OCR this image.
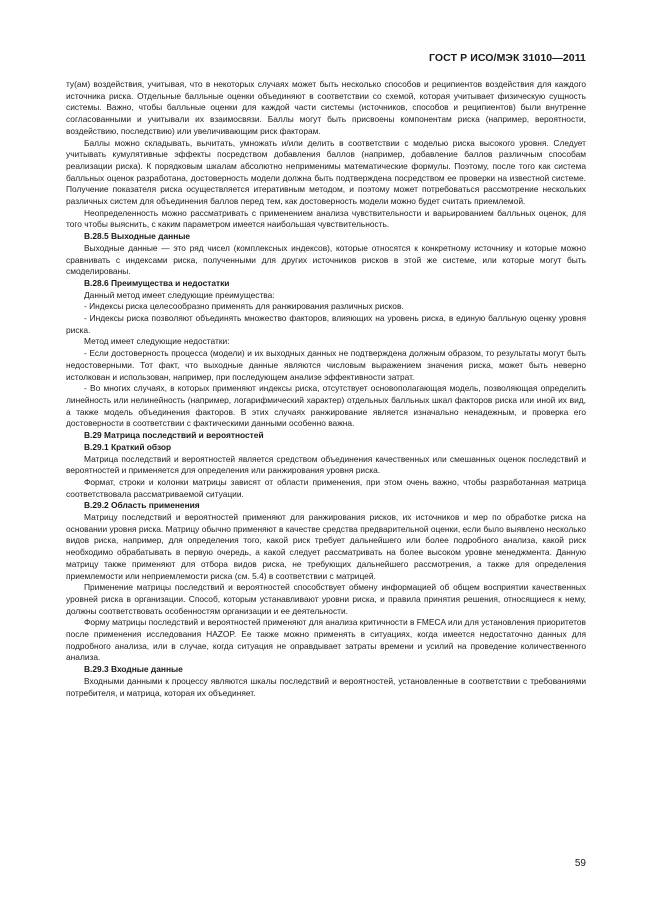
ГОСТ Р ИСО/МЭК 31010—2011

ту(ам) воздействия, учитывая, что в некоторых случаях может быть несколько способов и реципиентов воздействия для каждого источника риска. Отдельные балльные оценки объединяют в соответствии со схемой, которая учитывает физическую сущность системы. Важно, чтобы балльные оценки для каждой части системы (источников, способов и реципиентов) были внутренне согласованными и учитывали их взаимосвязи. Баллы могут быть присвоены компонентам риска (например, вероятности, воздействию, последствию) или увеличивающим риск факторам.

Баллы можно складывать, вычитать, умножать и/или делить в соответствии с моделью риска высокого уровня. Следует учитывать кумулятивные эффекты посредством добавления баллов (например, добавление баллов различным способам реализации риска). К порядковым шкалам абсолютно неприменимы математические формулы. Поэтому, после того как система балльных оценок разработана, достоверность модели должна быть подтверждена посредством ее проверки на известной системе. Получение показателя риска осуществляется итеративным методом, и поэтому может потребоваться рассмотрение нескольких различных систем для объединения баллов перед тем, как достоверность модели можно будет считать приемлемой.

Неопределенность можно рассматривать с применением анализа чувствительности и варьированием балльных оценок, для того чтобы выяснить, с каким параметром имеется наибольшая чувствительность.

В.28.5 Выходные данные

Выходные данные — это ряд чисел (комплексных индексов), которые относятся к конкретному источнику и которые можно сравнивать с индексами риска, полученными для других источников рисков в этой же системе, или которые могут быть смоделированы.

В.28.6 Преимущества и недостатки

Данный метод имеет следующие преимущества:

- Индексы риска целесообразно применять для ранжирования различных рисков.

- Индексы риска позволяют объединять множество факторов, влияющих на уровень риска, в единую балльную оценку уровня риска.

Метод имеет следующие недостатки:

- Если достоверность процесса (модели) и их выходных данных не подтверждена должным образом, то результаты могут быть недостоверными. Тот факт, что выходные данные являются числовым выражением значения риска, может быть неверно истолкован и использован, например, при последующем анализе эффективности затрат.

- Во многих случаях, в которых применяют индексы риска, отсутствует основополагающая модель, позволяющая определить линейность или нелинейность (например, логарифмический характер) отдельных балльных шкал факторов риска или иной их вид, а также модель объединения факторов. В этих случаях ранжирование является изначально ненадежным, и проверка его достоверности в соответствии с фактическими данными особенно важна.

В.29 Матрица последствий и вероятностей
В.29.1 Краткий обзор

Матрица последствий и вероятностей является средством объединения качественных или смешанных оценок последствий и вероятностей и применяется для определения или ранжирования уровня риска.

Формат, строки и колонки матрицы зависят от области применения, при этом очень важно, чтобы разработанная матрица соответствовала рассматриваемой ситуации.

В.29.2 Область применения

Матрицу последствий и вероятностей применяют для ранжирования рисков, их источников и мер по обработке риска на основании уровня риска. Матрицу обычно применяют в качестве средства предварительной оценки, если было выявлено несколько видов риска, например, для определения того, какой риск требует дальнейшего или более подробного анализа, какой риск необходимо обрабатывать в первую очередь, а какой следует рассматривать на более высоком уровне менеджмента. Данную матрицу также применяют для отбора видов риска, не требующих дальнейшего рассмотрения, а также для определения приемлемости или неприемлемости риска (см. 5.4) в соответствии с матрицей.

Применение матрицы последствий и вероятностей способствует обмену информацией об общем восприятии качественных уровней риска в организации. Способ, которым устанавливают уровни риска, и правила принятия решения, относящиеся к нему, должны соответствовать особенностям организации и ее деятельности.

Форму матрицы последствий и вероятностей применяют для анализа критичности в FMECA или для установления приоритетов после применения исследования HAZOP. Ее также можно применять в ситуациях, когда имеется недостаточно данных для подробного анализа, или в случае, когда ситуация не оправдывает затраты времени и усилий на проведение количественного анализа.

В.29.3 Входные данные

Входными данными к процессу являются шкалы последствий и вероятностей, установленные в соответствии с требованиями потребителя, и матрица, которая их объединяет.

59
